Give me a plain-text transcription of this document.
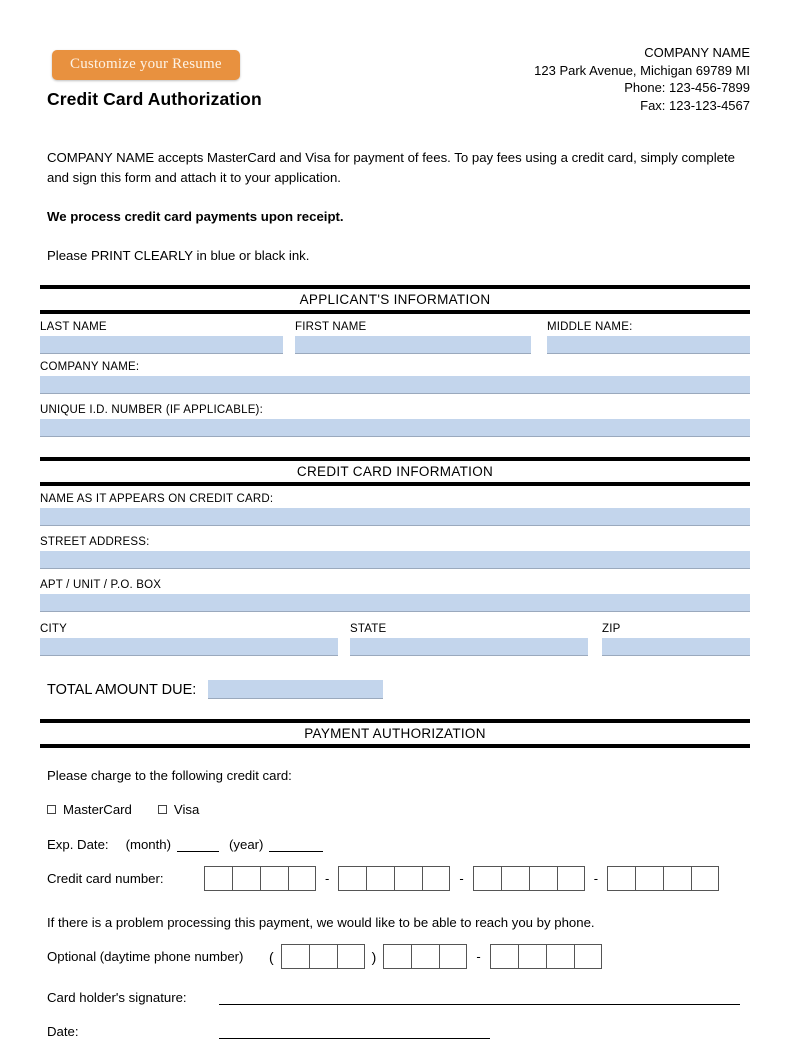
Customize your Resume
Credit Card Authorization
COMPANY NAME
123 Park Avenue, Michigan 69789 MI
Phone: 123-456-7899
Fax: 123-123-4567

COMPANY NAME accepts MasterCard and Visa for payment of fees. To pay fees using a credit card, simply complete and sign this form and attach it to your application.

We process credit card payments upon receipt.

Please PRINT CLEARLY in blue or black ink.

APPLICANT'S INFORMATION
LAST NAME	FIRST NAME	MIDDLE NAME:
COMPANY NAME:
UNIQUE I.D. NUMBER (IF APPLICABLE):
CREDIT CARD INFORMATION
NAME AS IT APPEARS ON CREDIT CARD:
STREET ADDRESS:
APT / UNIT / P.O. BOX
CITY	STATE	ZIP
TOTAL AMOUNT DUE:
PAYMENT AUTHORIZATION
Please charge to the following credit card:
MasterCard	Visa
Exp. Date: (month)	(year)
Credit card number:	-	-	-
If there is a problem processing this payment, we would like to be able to reach you by phone.
Optional (daytime phone number)	(	)	-
Card holder's signature:
Date:
